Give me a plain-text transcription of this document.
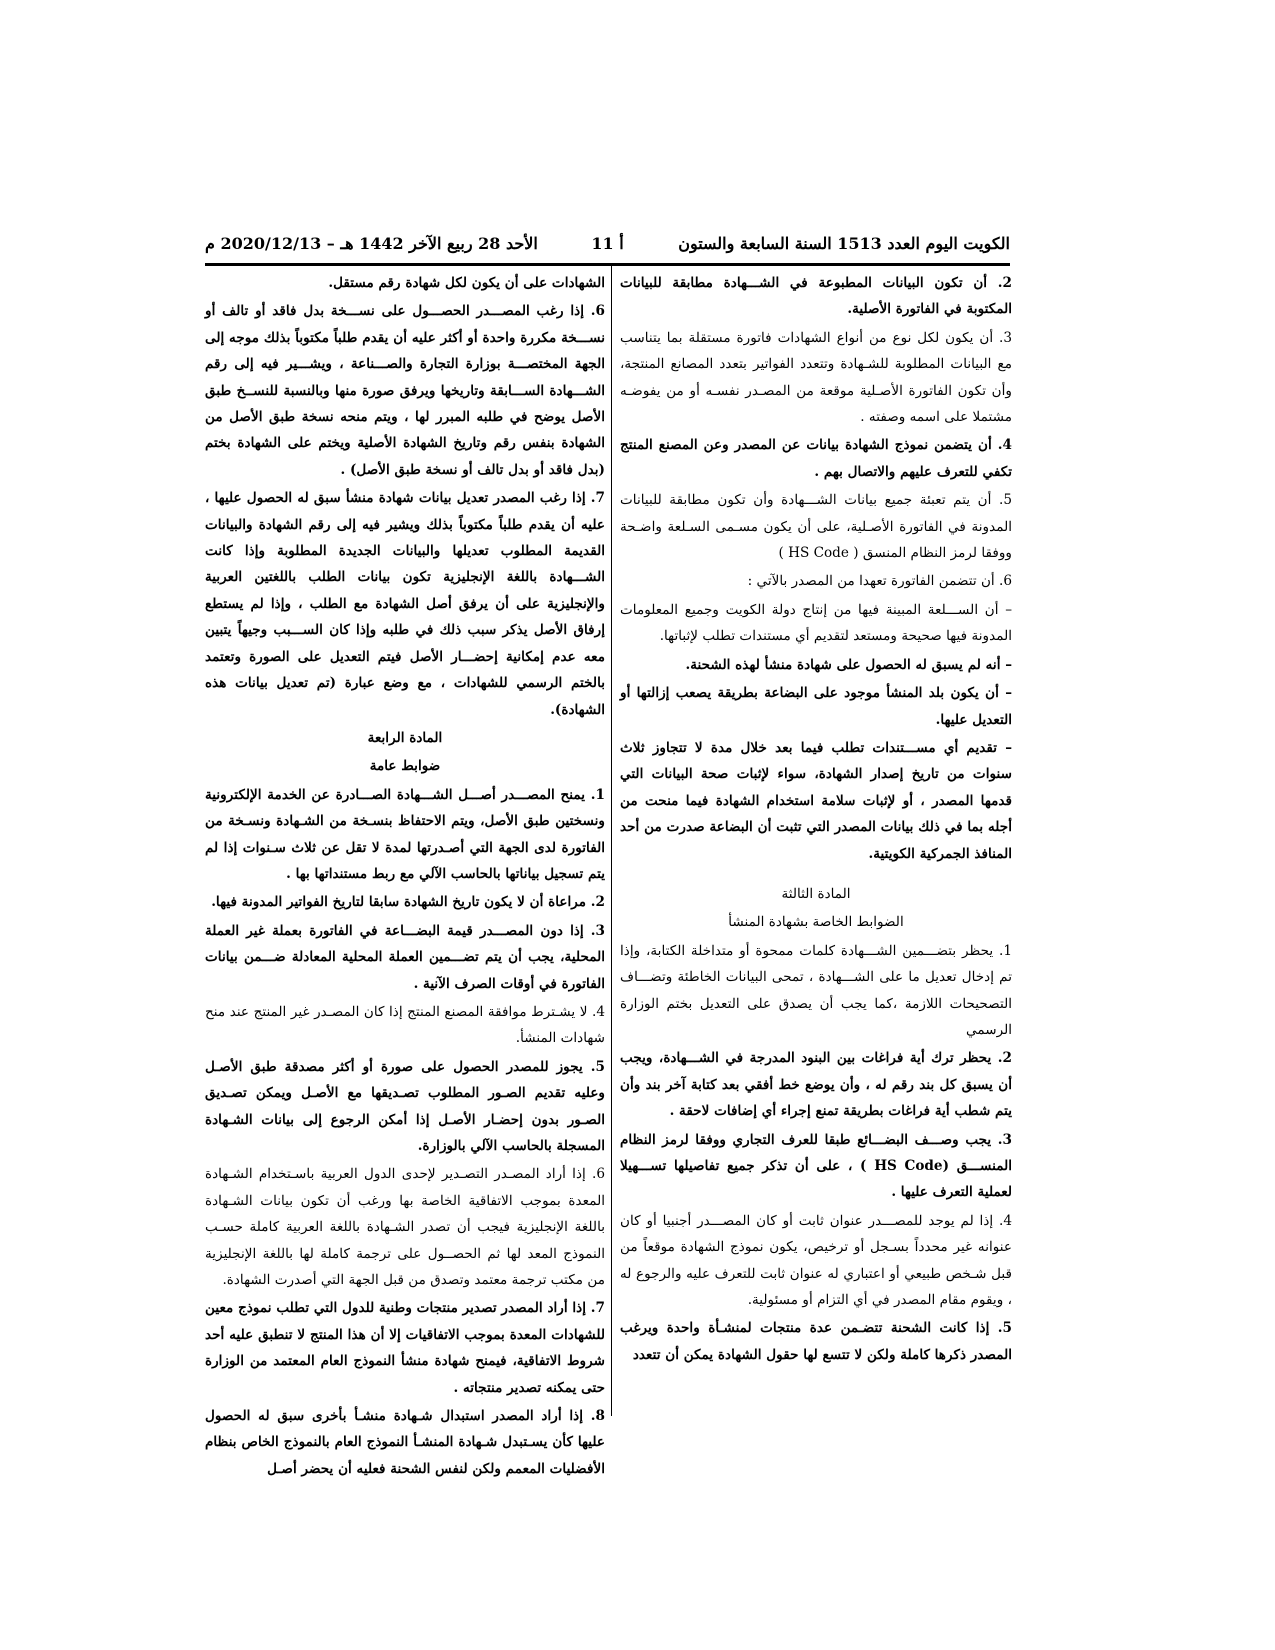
الكويت اليوم العدد 1513 السنة السابعة والستون
أ 11
الأحد 28 ربيع الآخر 1442 هـ – 2020/12/13 م

2. أن تكون البيانات المطبوعة في الشـــهادة مطابقة للبيانات المكتوبة في الفاتورة الأصلية.

3. أن يكون لكل نوع من أنواع الشهادات فاتورة مستقلة بما يتناسب مع البيانات المطلوبة للشـهادة وتتعدد الفواتير بتعدد المصانع المنتجة، وأن تكون الفاتورة الأصـلية موقعة من المصـدر نفسـه أو من يفوضـه مشتملا على اسمه وصفته .

4. أن يتضمن نموذج الشهادة بيانات عن المصدر وعن المصنع المنتج تكفي للتعرف عليهم والاتصال بهم .

5. أن يتم تعبئة جميع بيانات الشـــهادة وأن تكون مطابقة للبيانات المدونة في الفاتورة الأصـلية، على أن يكون مسـمى السـلعة واضـحة ووفقا لرمز النظام المنسق ( HS Code )

6. أن تتضمن الفاتورة تعهدا من المصدر بالآتي :

– أن الســـلعة المبينة فيها من إنتاج دولة الكويت وجميع المعلومات المدونة فيها صحيحة ومستعد لتقديم أي مستندات تطلب لإثباتها.

– أنه لم يسبق له الحصول على شهادة منشأ لهذه الشحنة.

– أن يكون بلد المنشأ موجود على البضاعة بطريقة يصعب إزالتها أو التعديل عليها.

– تقديم أي مســـتندات تطلب فيما بعد خلال مدة لا تتجاوز ثلاث سنوات من تاريخ إصدار الشهادة، سواء لإثبات صحة البيانات التي قدمها المصدر ، أو لإثبات سلامة استخدام الشهادة فيما منحت من أجله بما في ذلك بيانات المصدر التي تثبت أن البضاعة صدرت من أحد المنافذ الجمركية الكويتية.

المادة الثالثة

الضوابط الخاصة بشهادة المنشأ

1. يحظر بتضـــمين الشـــهادة كلمات ممحوة أو متداخلة الكتابة، وإذا تم إدخال تعديل ما على الشـــهادة ، تمحى البيانات الخاطئة وتضـــاف التصحيحات اللازمة ،كما يجب أن يصدق على التعديل بختم الوزارة الرسمي

2. يحظر ترك أية فراغات بين البنود المدرجة في الشـــهادة، ويجب أن يسبق كل بند رقم له ، وأن يوضع خط أفقي بعد كتابة آخر بند وأن يتم شطب أية فراغات بطريقة تمنع إجراء أي إضافات لاحقة .

3. يجب وصـــف البضـــائع طبقا للعرف التجاري ووفقا لرمز النظام المنســـق (HS Code ) ، على أن تذكر جميع تفاصيلها تســـهيلا لعملية التعرف عليها .

4. إذا لم يوجد للمصـــدر عنوان ثابت أو كان المصـــدر أجنبيا أو كان عنوانه غير محدداً بسـجل أو ترخيص، يكون نموذج الشهادة موقعاً من قبل شـخص طبيعي أو اعتباري له عنوان ثابت للتعرف عليه والرجوع له ، ويقوم مقام المصدر في أي التزام أو مسئولية.

5. إذا كانت الشحنة تتضـمن عدة منتجات لمنشـأة واحدة ويرغب المصدر ذكرها كاملة ولكن لا تتسع لها حقول الشهادة يمكن أن تتعدد

الشهادات على أن يكون لكل شهادة رقم مستقل.

6. إذا رغب المصـــدر الحصـــول على نســـخة بدل فاقد أو تالف أو نســـخة مكررة واحدة أو أكثر عليه أن يقدم طلباً مكتوباً بذلك موجه إلى الجهة المختصـــة بوزارة التجارة والصـــناعة ، ويشـــير فيه إلى رقم الشـــهادة الســـابقة وتاريخها ويرفق صورة منها وبالنسبة للنســخ طبق الأصل يوضح في طلبه المبرر لها ، ويتم منحه نسخة طبق الأصل من الشهادة بنفس رقم وتاريخ الشهادة الأصلية ويختم على الشهادة بختم (بدل فاقد أو بدل تالف أو نسخة طبق الأصل) .

7. إذا رغب المصدر تعديل بيانات شهادة منشأ سبق له الحصول عليها ، عليه أن يقدم طلباً مكتوباً بذلك ويشير فيه إلى رقم الشهادة والبيانات القديمة المطلوب تعديلها والبيانات الجديدة المطلوبة وإذا كانت الشـــهادة باللغة الإنجليزية تكون بيانات الطلب باللغتين العربية والإنجليزية على أن يرفق أصل الشهادة مع الطلب ، وإذا لم يستطع إرفاق الأصل يذكر سبب ذلك في طلبه وإذا كان الســـبب وجيهاً يتبين معه عدم إمكانية إحضـــار الأصل فيتم التعديل على الصورة وتعتمد بالختم الرسمي للشهادات ، مع وضع عبارة (تم تعديل بيانات هذه الشهادة).

المادة الرابعة

ضوابط عامة

1. يمنح المصـــدر أصـــل الشـــهادة الصـــادرة عن الخدمة الإلكترونية ونسختين طبق الأصل، ويتم الاحتفاظ بنسـخة من الشـهادة ونسـخة من الفاتورة لدى الجهة التي أصـدرتها لمدة لا تقل عن ثلاث سـنوات إذا لم يتم تسجيل بياناتها بالحاسب الآلي مع ربط مستنداتها بها .

2. مراعاة أن لا يكون تاريخ الشهادة سابقا لتاريخ الفواتير المدونة فيها.

3. إذا دون المصـــدر قيمة البضـــاعة في الفاتورة بعملة غير العملة المحلية، يجب أن يتم تضـــمين العملة المحلية المعادلة ضـــمن بيانات الفاتورة في أوقات الصرف الآنية .

4. لا يشـترط موافقة المصنع المنتج إذا كان المصـدر غير المنتج عند منح شهادات المنشأ.

5. يجوز للمصدر الحصول على صورة أو أكثر مصدقة طبق الأصـل وعليه تقديم الصـور المطلوب تصـديقها مع الأصـل ويمكن تصـديق الصـور بدون إحضـار الأصـل إذا أمكن الرجوع إلى بيانات الشـهادة المسجلة بالحاسب الآلي بالوزارة.

6. إذا أراد المصـدر التصـدير لإحدى الدول العربية باسـتخدام الشـهادة المعدة بموجب الاتفاقية الخاصة بها ورغب أن تكون بيانات الشـهادة باللغة الإنجليزية فيجب أن تصدر الشـهادة باللغة العربية كاملة حسـب النموذج المعد لها ثم الحصــول على ترجمة كاملة لها باللغة الإنجليزية من مكتب ترجمة معتمد وتصدق من قبل الجهة التي أصدرت الشهادة.

7. إذا أراد المصدر تصدير منتجات وطنية للدول التي تطلب نموذج معين للشهادات المعدة بموجب الاتفاقيات إلا أن هذا المنتج لا تنطبق عليه أحد شروط الاتفاقية، فيمنح شهادة منشأ النموذج العام المعتمد من الوزارة حتى يمكنه تصدير منتجاته .

8. إذا أراد المصدر استبدال شـهادة منشـأ بأخرى سبق له الحصول عليها كأن يسـتبدل شـهادة المنشـأ النموذج العام بالنموذج الخاص بنظام الأفضليات المعمم ولكن لنفس الشحنة فعليه أن يحضر أصـل
